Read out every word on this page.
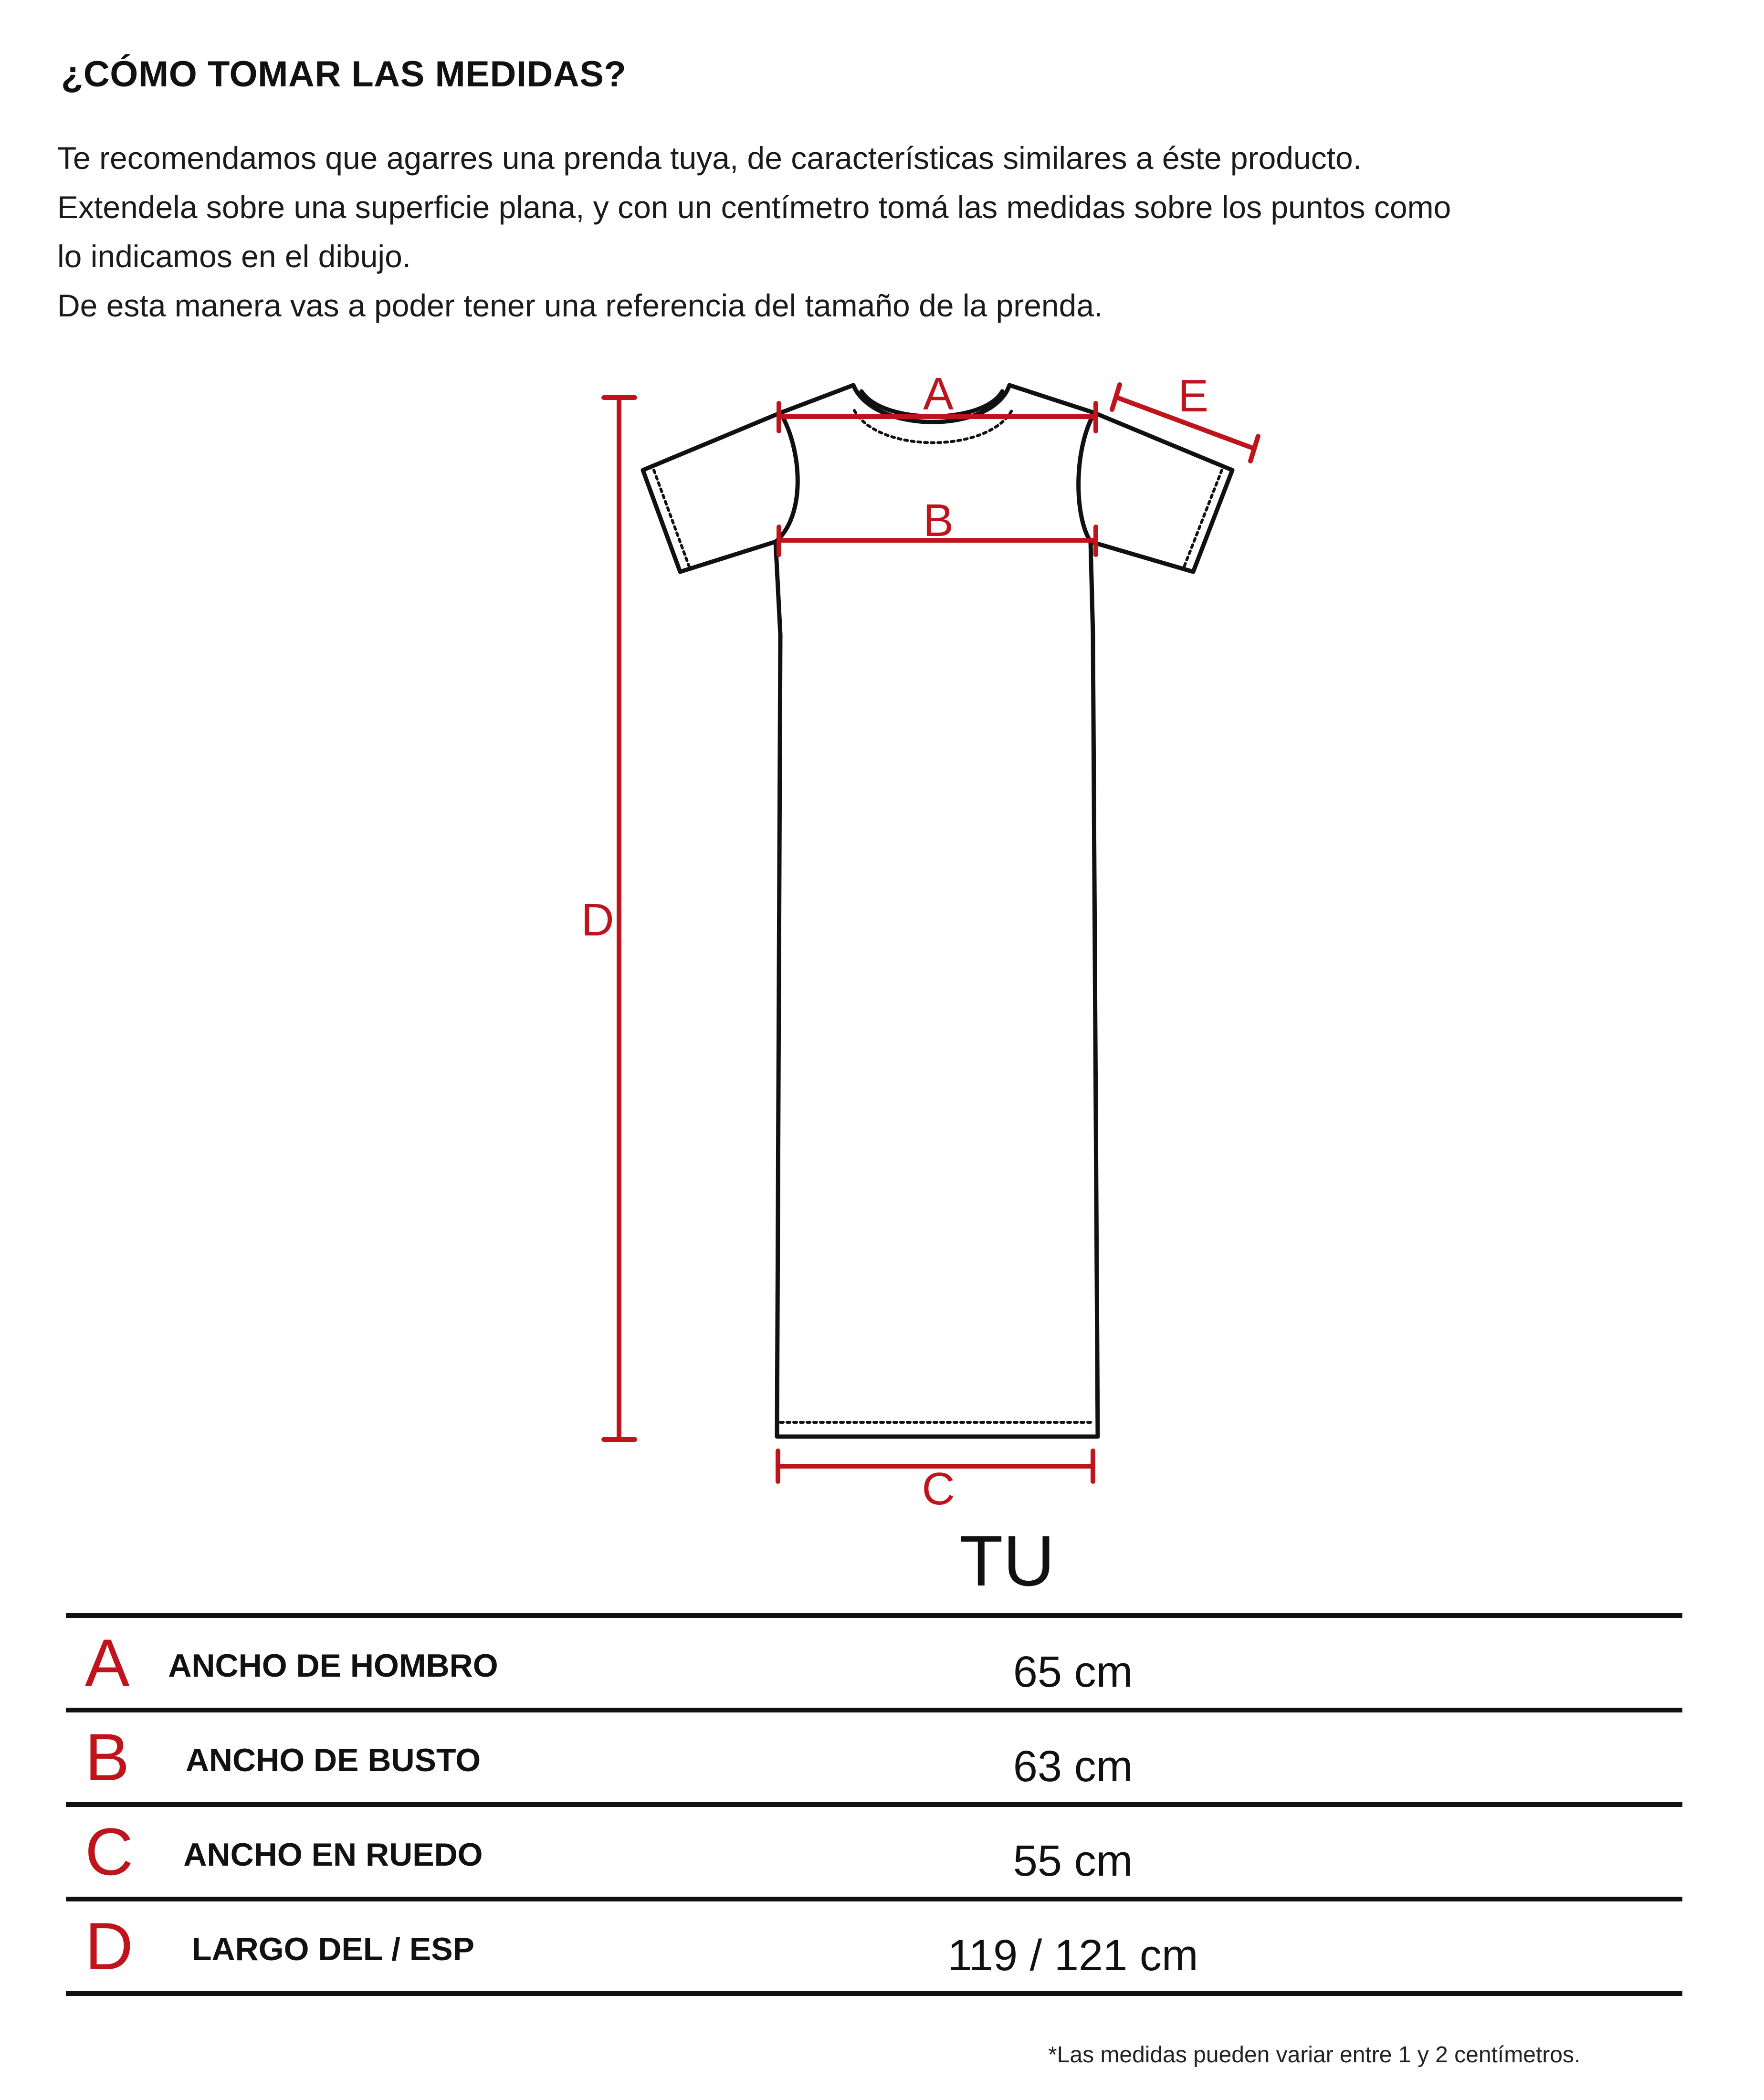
¿CÓMO TOMAR LAS MEDIDAS?
Te recomendamos que agarres una prenda tuya, de características similares a éste producto.
Extendela sobre una superficie plana, y con un centímetro tomá las medidas sobre los puntos como
lo indicamos en el dibujo.
De esta manera vas a poder tener una referencia del tamaño de la prenda.
A
B
C
D
E
TU
A ANCHO DE HOMBRO	65 cm
B	ANCHO DE BUSTO	63 cm
C	ANCHO EN RUEDO	55 cm
D	LARGO DEL / ESP	119 / 121 cm
*Las medidas pueden variar entre 1 y 2 centímetros.
